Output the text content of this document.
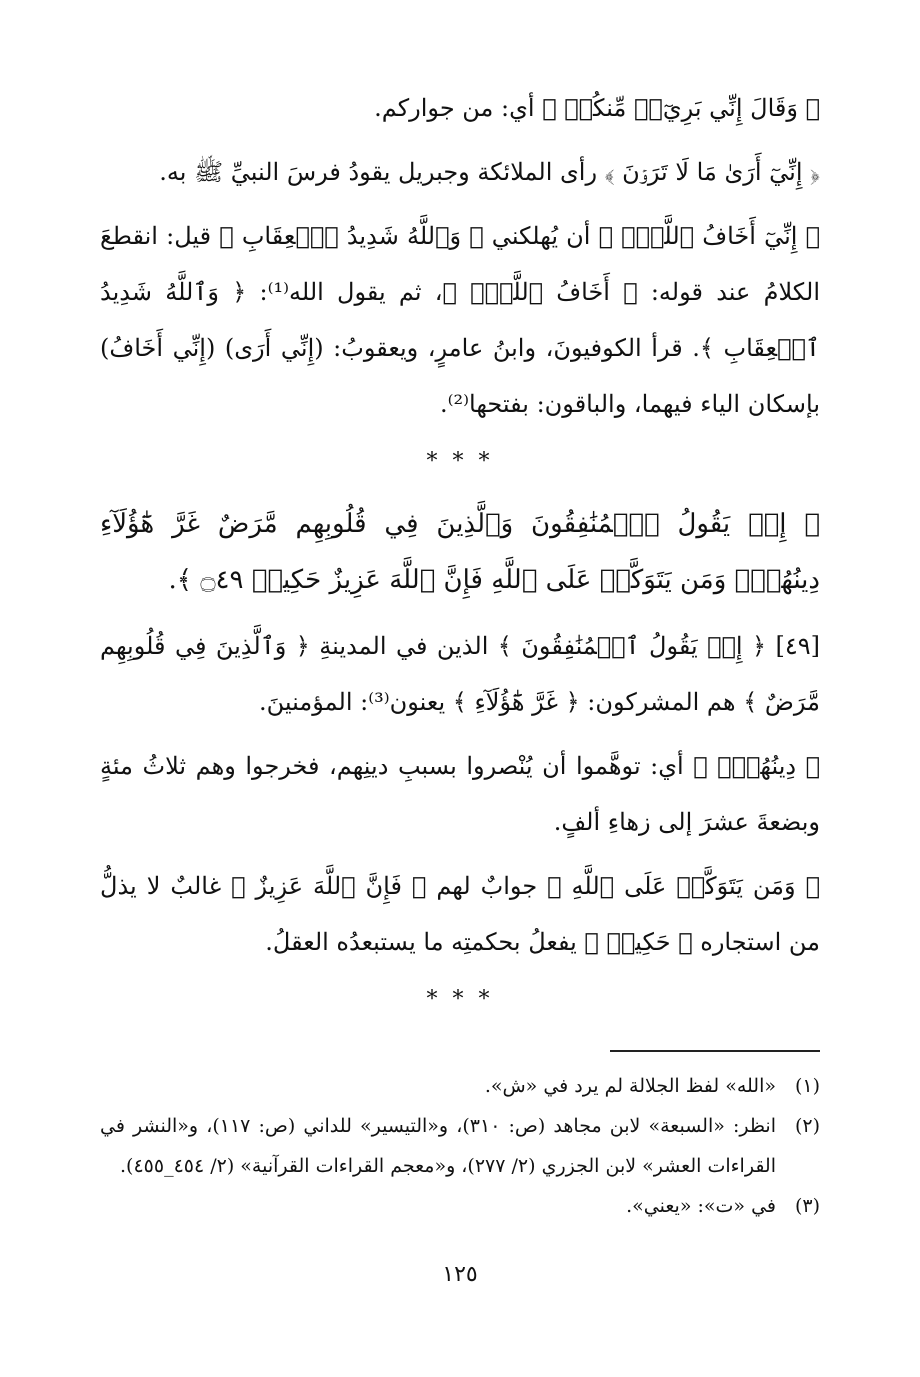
﴿ وَقَالَ إِنِّي بَرِيٓءٞ مِّنكُمۡ ﴾ أي: من جواركم.

﴿ إِنِّيٓ أَرَىٰ مَا لَا تَرَوۡنَ ﴾ رأى الملائكة وجبريل يقودُ فرسَ النبيِّ ﷺ به.

﴿ إِنِّيٓ أَخَافُ ٱللَّهَۚ ﴾ أن يُهلكني ﴿ وَٱللَّهُ شَدِيدُ ٱلۡعِقَابِ ﴾ قيل: انقطعَ الكلامُ عند قوله: ﴿ أَخَافُ ٱللَّهَۚ ﴾، ثم يقول الله⁽¹⁾: ﴿ وَٱللَّهُ شَدِيدُ ٱلۡعِقَابِ ﴾. قرأ الكوفيونَ، وابنُ عامرٍ، ويعقوبُ: (إِنِّي أَرَى) (إِنِّي أَخَافُ) بإسكان الياء فيهما، والباقون: بفتحها⁽²⁾.

* * *

﴿ إِذۡ يَقُولُ ٱلۡمُنَٰفِقُونَ وَٱلَّذِينَ فِي قُلُوبِهِم مَّرَضٌ غَرَّ هَٰٓؤُلَآءِ دِينُهُمۡۗ وَمَن يَتَوَكَّلۡ عَلَى ٱللَّهِ فَإِنَّ ٱللَّهَ عَزِيزٌ حَكِيمٞ ۝٤٩ ﴾.

[٤٩] ﴿ إِذۡ يَقُولُ ٱلۡمُنَٰفِقُونَ ﴾ الذين في المدينةِ ﴿ وَٱلَّذِينَ فِي قُلُوبِهِم مَّرَضٌ ﴾ هم المشركون: ﴿ غَرَّ هَٰٓؤُلَآءِ ﴾ يعنون⁽³⁾: المؤمنينَ.

﴿ دِينُهُمۡۗ ﴾ أي: توهَّموا أن يُنْصروا بسببِ دينِهم، فخرجوا وهم ثلاثُ مئةٍ وبضعةَ عشرَ إلى زهاءِ ألفٍ.

﴿ وَمَن يَتَوَكَّلۡ عَلَى ٱللَّهِ ﴾ جوابٌ لهم ﴿ فَإِنَّ ٱللَّهَ عَزِيزٌ ﴾ غالبٌ لا يذلُّ من استجاره ﴿ حَكِيمٞ ﴾ يفعلُ بحكمتِه ما يستبعدُه العقلُ.

* * *
(١)
«الله» لفظ الجلالة لم يرد في «ش».
(٢)
انظر: «السبعة» لابن مجاهد (ص: ٣١٠)، و«التيسير» للداني (ص: ١١٧)، و«النشر في القراءات العشر» لابن الجزري (٢/ ٢٧٧)، و«معجم القراءات القرآنية» (٢/ ٤٥٤_٤٥٥).
(٣)
في «ت»: «يعني».
١٢٥
